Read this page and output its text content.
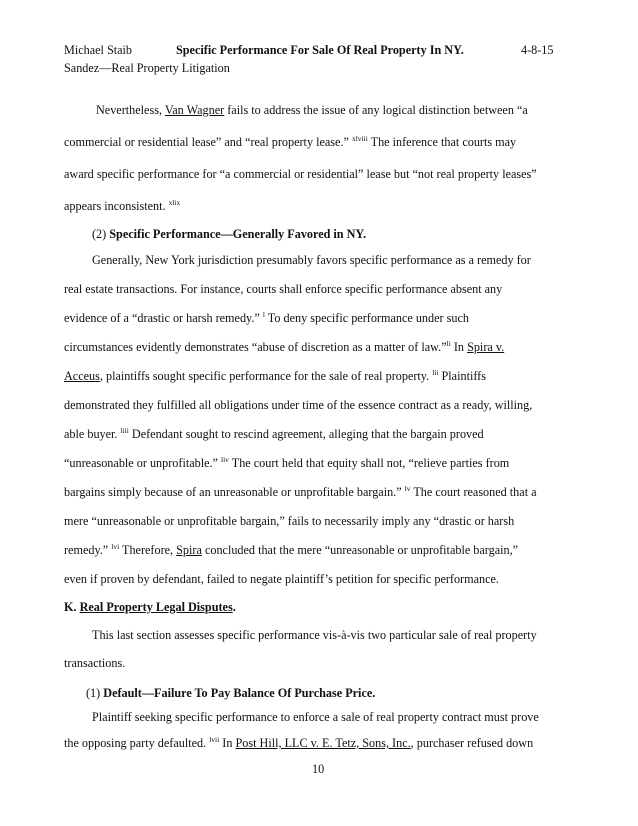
Michael Staib	Specific Performance For Sale Of Real Property In NY.	4-8-15
Sandez—Real Property Litigation
Nevertheless, Van Wagner fails to address the issue of any logical distinction between “a
commercial or residential lease” and “real property lease.” $^{xlviii}$ The inference that courts may
award specific performance for “a commercial or residential” lease but “not real property leases”
appears inconsistent. $^{xlix}$
(2) Specific Performance—Generally Favored in NY.
Generally, New York jurisdiction presumably favors specific performance as a remedy for
real estate transactions. For instance, courts shall enforce specific performance absent any
evidence of a “drastic or harsh remedy.” $^l$ To deny specific performance under such
circumstances evidently demonstrates “abuse of discretion as a matter of law.”$^{li}$ In Spira v.
Acceus, plaintiffs sought specific performance for the sale of real property. $^{lii}$ Plaintiffs
demonstrated they fulfilled all obligations under time of the essence contract as a ready, willing,
able buyer. $^{liii}$ Defendant sought to rescind agreement, alleging that the bargain proved
“unreasonable or unprofitable.” $^{liv}$ The court held that equity shall not, “relieve parties from
bargains simply because of an unreasonable or unprofitable bargain.” $^{lv}$ The court reasoned that a
mere “unreasonable or unprofitable bargain,” fails to necessarily imply any “drastic or harsh
remedy.” $^{lvi}$ Therefore, Spira concluded that the mere “unreasonable or unprofitable bargain,”
even if proven by defendant, failed to negate plaintiff’s petition for specific performance.
K. Real Property Legal Disputes.
This last section assesses specific performance vis-à-vis two particular sale of real property
transactions.
(1) Default—Failure To Pay Balance Of Purchase Price.
Plaintiff seeking specific performance to enforce a sale of real property contract must prove
the opposing party defaulted. $^{lvii}$ In Post Hill, LLC v. E. Tetz, Sons, Inc., purchaser refused down
10
